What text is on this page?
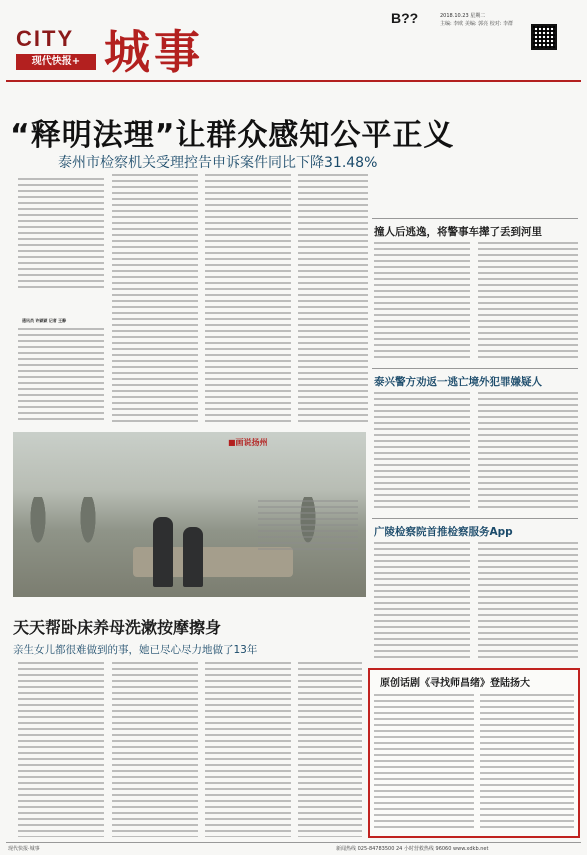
CITY
现代快报+ 城事
B??	2018.10.23 星期二
主编: 李欧 美编: 郭亮 校对: 李群
“释明法理”让群众感知公平正义
泰州市检察机关受理控告申诉案件同比下降31.48%
通讯员 许颖颖 记者 王静
撞人后逃逸，将警事车撵了丢到河里
泰兴警方劝返一逃亡境外犯罪嫌疑人
广陵检察院首推检察服务App
■画说扬州
天天帮卧床养母洗漱按摩擦身
亲生女儿都很难做到的事，她已尽心尽力地做了13年
原创话剧《寻找师昌绪》登陆扬大
现代快报·城事	新闻热线 025-84783500 24 小时营救热线 96060 www.xdkb.net
